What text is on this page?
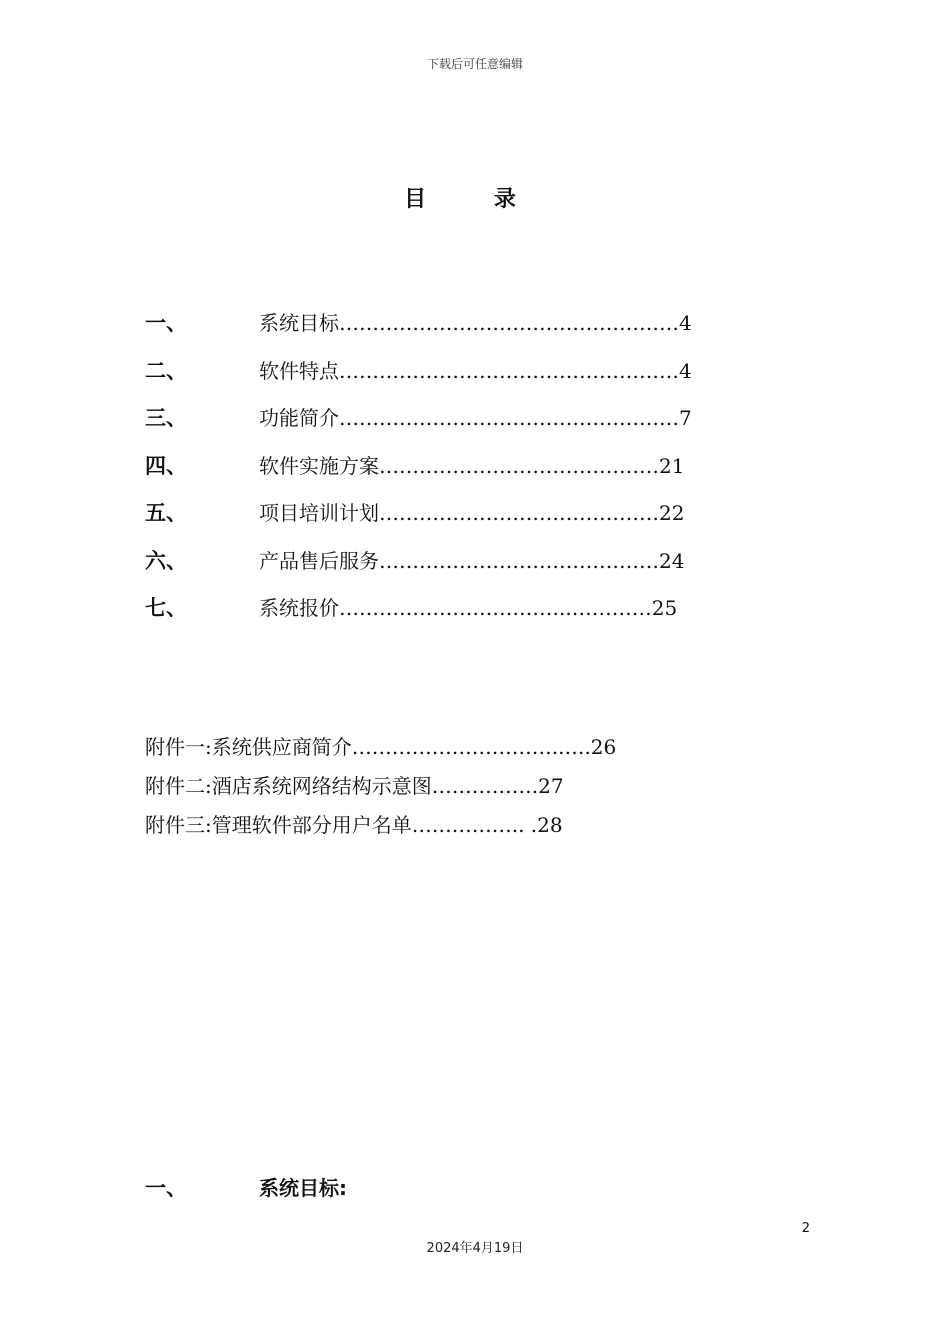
下载后可任意编辑
目 录
一、	系统目标……………………………………………4
二、	软件特点……………………………………………4
三、	功能简介……………………………………………7
四、	软件实施方案……………………………………21
五、	项目培训计划……………………………………22
六、	产品售后服务……………………………………24
七、	系统报价……………………………..…………25
附件一:系统供应商简介…………………………..….26
附件二:酒店系统网络结构示意图…………….27
附件三:管理软件部分用户名单…………….. .28
一、	系统目标:
2
2024年4月19日
